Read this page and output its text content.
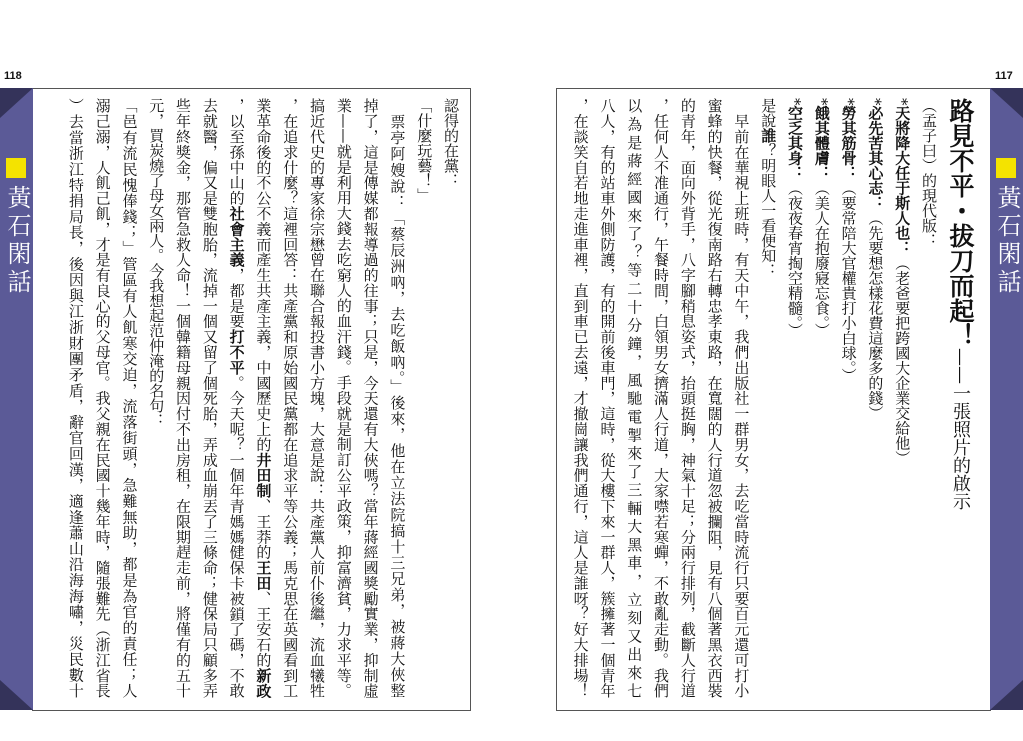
118
黃石閑話
認得的在黨：
「什麼玩藝！」
　票亭阿嫂說：「蔡辰洲吶，去吃飯吶。」後來，他在立法院搞十三兄弟，被蔣大俠整
掉了，這是傳媒都報導過的往事；只是，今天還有大俠嗎？當年蔣經國獎勵實業，抑制虛
業——就是利用大錢去吃窮人的血汗錢。手段就是制訂公平政策，抑富濟貧，力求平等。
搞近代史的專家徐宗懋曾在聯合報投書小方塊，大意是說：共產黨人前仆後繼，流血犧牲
，在追求什麼？這裡回答：共產黨和原始國民黨都在追求平等公義；馬克思在英國看到工
業革命後的不公不義而產生共產主義，中國歷史上的井田制、王莽的王田、王安石的新政
，以至孫中山的社會主義，都是要打不平。今天呢？一個年青媽媽健保卡被鎖了碼，不敢
去就醫，偏又是雙胞胎，流掉一個又留了個死胎，弄成血崩丟了三條命；健保局只顧多弄
些年終獎金，那管急救人命！一個韓籍母親因付不出房租，在限期趕走前，將僅有的五十
元，買炭燒了母女兩人。今我想起范仲淹的名句：
「邑有流民愧俸錢；」管區有人飢寒交迫，流落街頭，急難無助，都是為官的責任；人
溺己溺，人飢己飢，才是有良心的父母官。我父親在民國十幾年時，隨張難先（浙江省長
）去當浙江特捐局長，後因與江浙財團矛盾，辭官回漢，適逢蕭山沿海海嘯，災民數十
117
黃石閑話
路見不平・拔刀而起！——一張照片的啟示
（孟子曰）的現代版：
*天將降大任于斯人也：（老爸要把跨國大企業交給他）
*必先苦其心志：（先要想怎樣花費這麼多的錢）
*勞其筋骨：（要常陪大官權貴打小白球。）
*餓其體膚：（美人在抱廢寢忘食。）
*空乏其身：（夜夜春宵掏空精髓。）
是說誰？明眼人一看便知：
　早前在華視上班時，有天中午，我們出版社一群男女，去吃當時流行只要百元還可打小
蜜蜂的快餐，從光復南路右轉忠孝東路，在寬闊的人行道忽被攔阻，見有八個著黑衣西裝
的青年，面向外背手，八字腳稍息姿式，抬頭挺胸，神氣十足；分兩行排列，截斷人行道
，任何人不准通行，午餐時間，白領男女擠滿人行道，大家噤若寒蟬，不敢亂走動。我們
以為是蔣經國來了？等二十分鐘，風馳電掣來了三輛大黑車，立刻又出來七
八人，有的站車外側防護，有的開前後車門，這時，從大樓下來一群人，簇擁著一個青年
，在談笑自若地走進車裡，直到車已去遠，才撤崗讓我們通行，這人是誰呀？好大排場！
